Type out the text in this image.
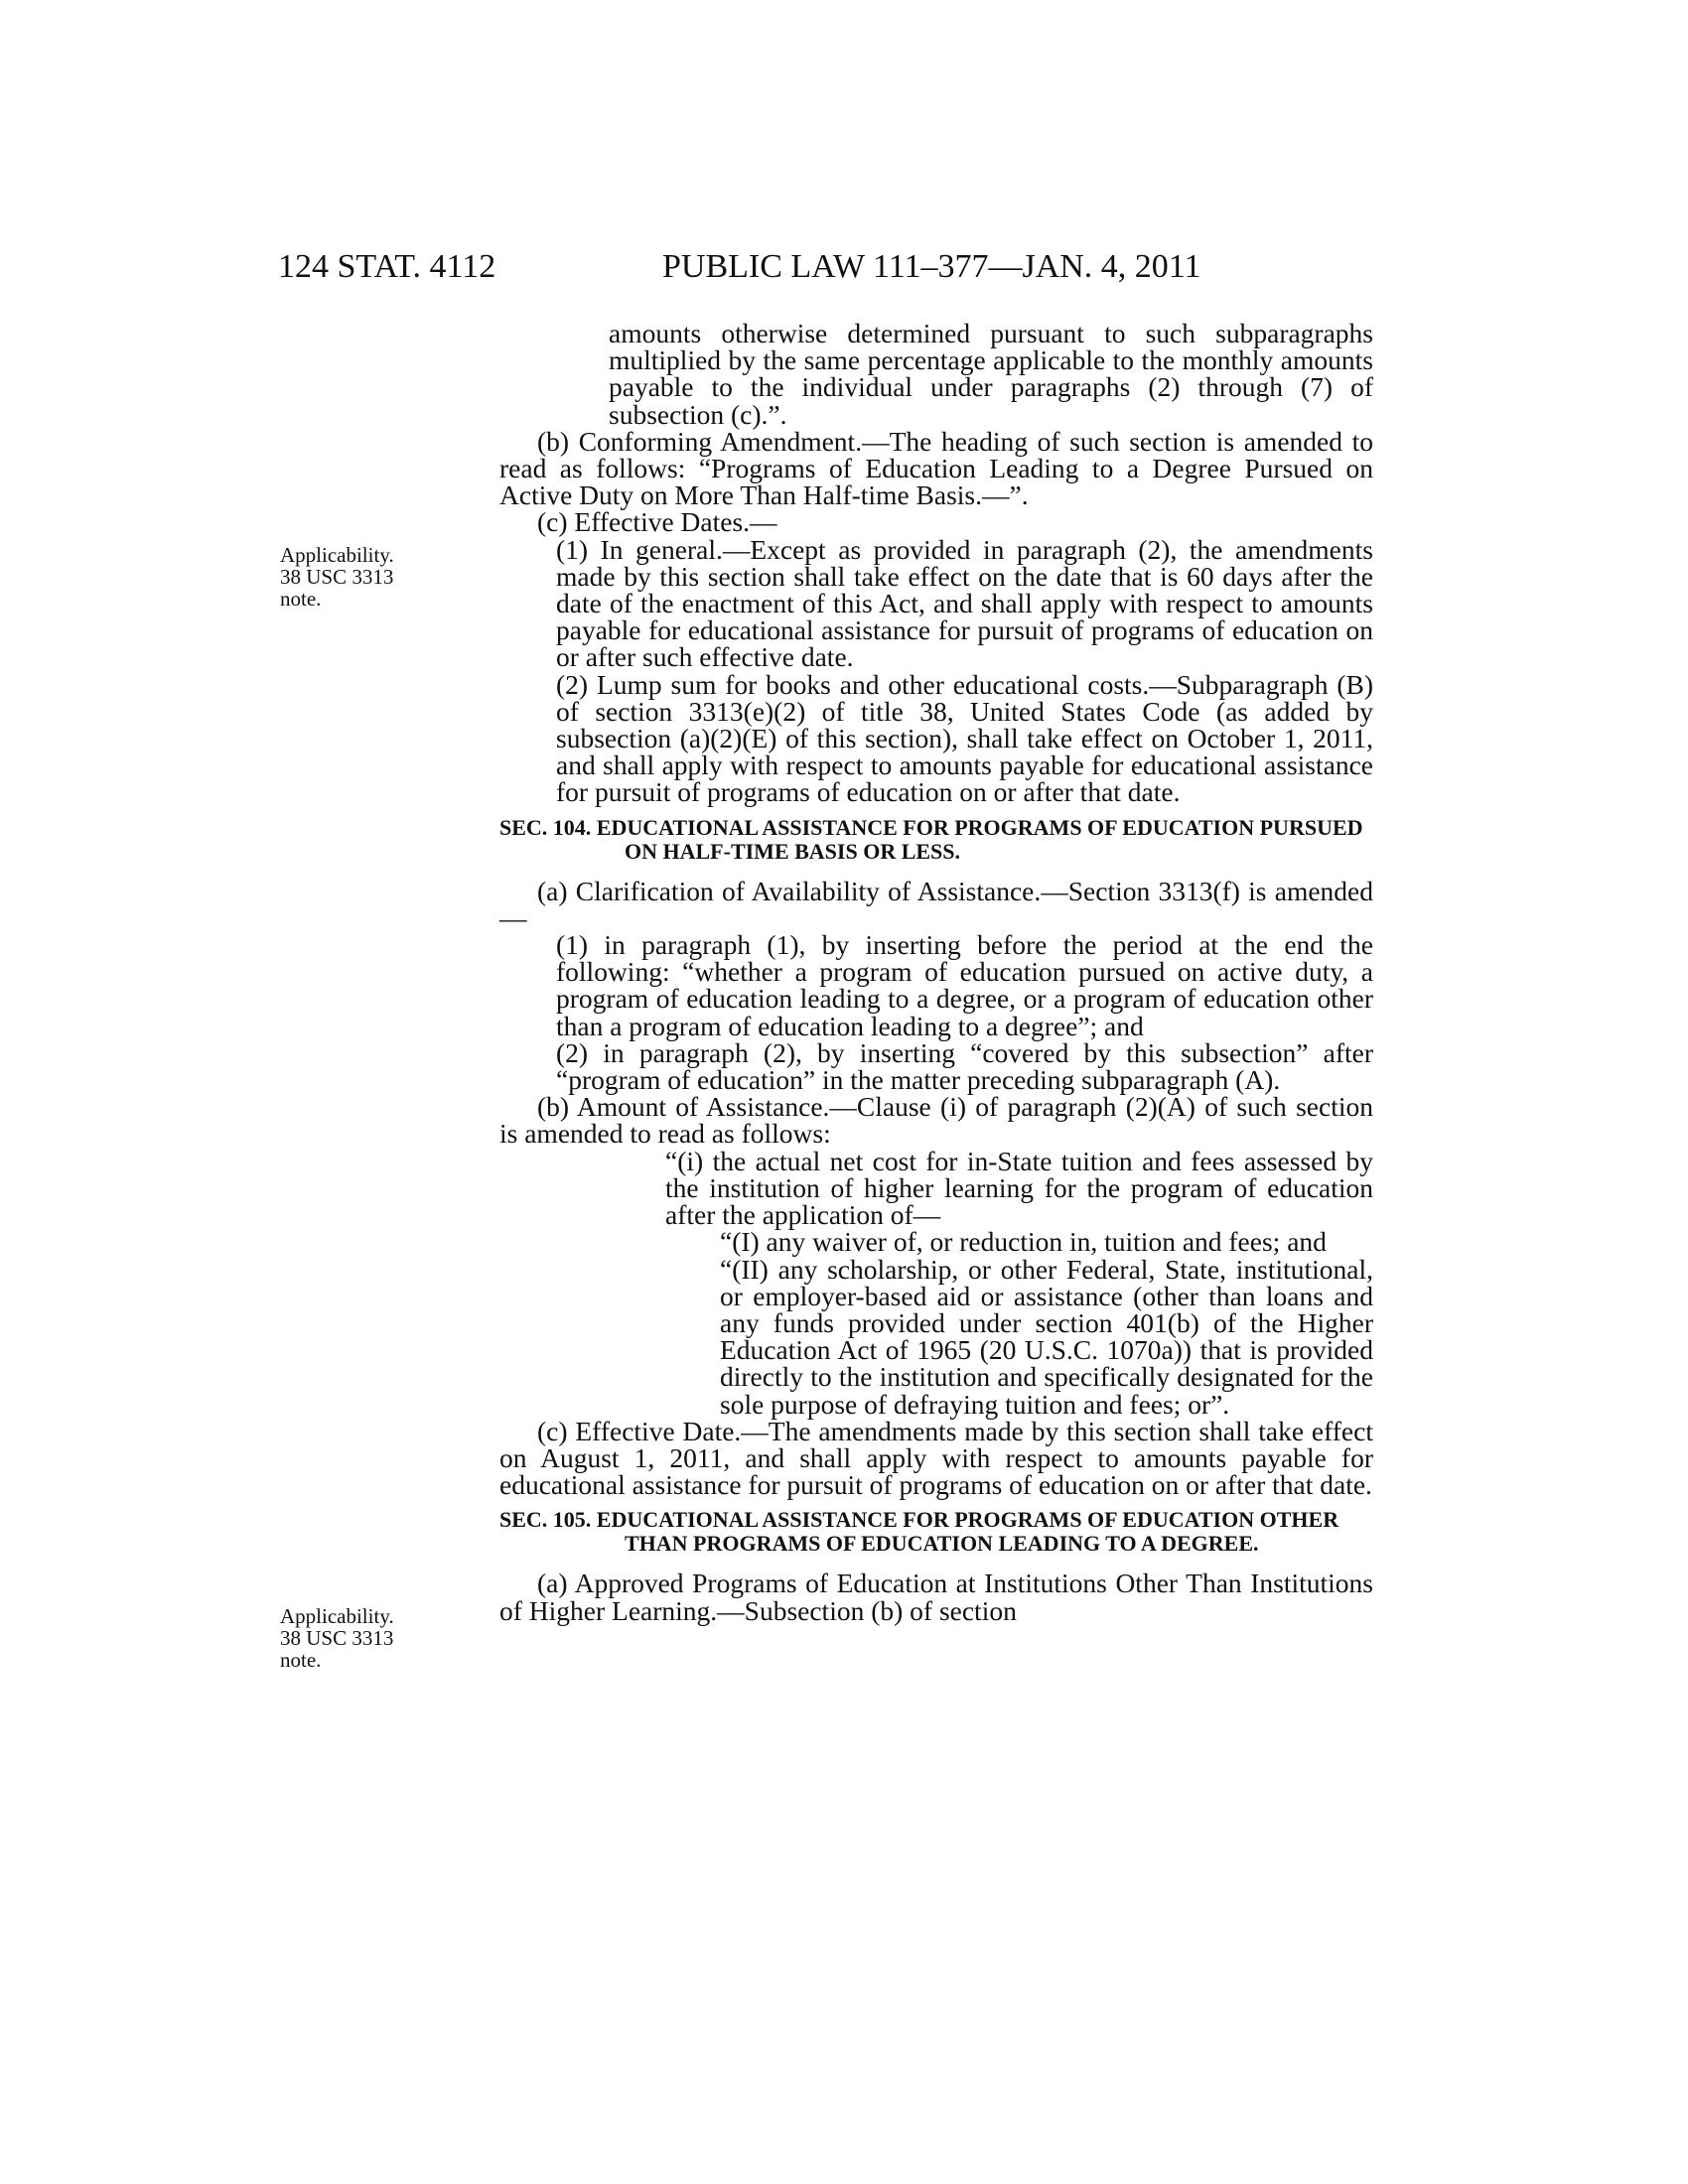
124 STAT. 4112	PUBLIC LAW 111–377—JAN. 4, 2011
Applicability.
38 USC 3313
note.
Applicability.
38 USC 3313
note.

amounts otherwise determined pursuant to such subparagraphs multiplied by the same percentage applicable to the monthly amounts payable to the individual under paragraphs (2) through (7) of subsection (c).”.

(b) Conforming Amendment.—The heading of such section is amended to read as follows: “Programs of Education Leading to a Degree Pursued on Active Duty on More Than Half-time Basis.—”.

(c) Effective Dates.—

(1) In general.—Except as provided in paragraph (2), the amendments made by this section shall take effect on the date that is 60 days after the date of the enactment of this Act, and shall apply with respect to amounts payable for educational assistance for pursuit of programs of education on or after such effective date.

(2) Lump sum for books and other educational costs.—Subparagraph (B) of section 3313(e)(2) of title 38, United States Code (as added by subsection (a)(2)(E) of this section), shall take effect on October 1, 2011, and shall apply with respect to amounts payable for educational assistance for pursuit of programs of education on or after that date.

SEC. 104. EDUCATIONAL ASSISTANCE FOR PROGRAMS OF EDUCATION PURSUED ON HALF-TIME BASIS OR LESS.

(a) Clarification of Availability of Assistance.—Section 3313(f) is amended—

(1) in paragraph (1), by inserting before the period at the end the following: “whether a program of education pursued on active duty, a program of education leading to a degree, or a program of education other than a program of education leading to a degree”; and

(2) in paragraph (2), by inserting “covered by this subsection” after “program of education” in the matter preceding subparagraph (A).

(b) Amount of Assistance.—Clause (i) of paragraph (2)(A) of such section is amended to read as follows:

“(i) the actual net cost for in-State tuition and fees assessed by the institution of higher learning for the program of education after the application of—

“(I) any waiver of, or reduction in, tuition and fees; and

“(II) any scholarship, or other Federal, State, institutional, or employer-based aid or assistance (other than loans and any funds provided under section 401(b) of the Higher Education Act of 1965 (20 U.S.C. 1070a)) that is provided directly to the institution and specifically designated for the sole purpose of defraying tuition and fees; or”.

(c) Effective Date.—The amendments made by this section shall take effect on August 1, 2011, and shall apply with respect to amounts payable for educational assistance for pursuit of programs of education on or after that date.

SEC. 105. EDUCATIONAL ASSISTANCE FOR PROGRAMS OF EDUCATION OTHER THAN PROGRAMS OF EDUCATION LEADING TO A DEGREE.

(a) Approved Programs of Education at Institutions Other Than Institutions of Higher Learning.—Subsection (b) of section
